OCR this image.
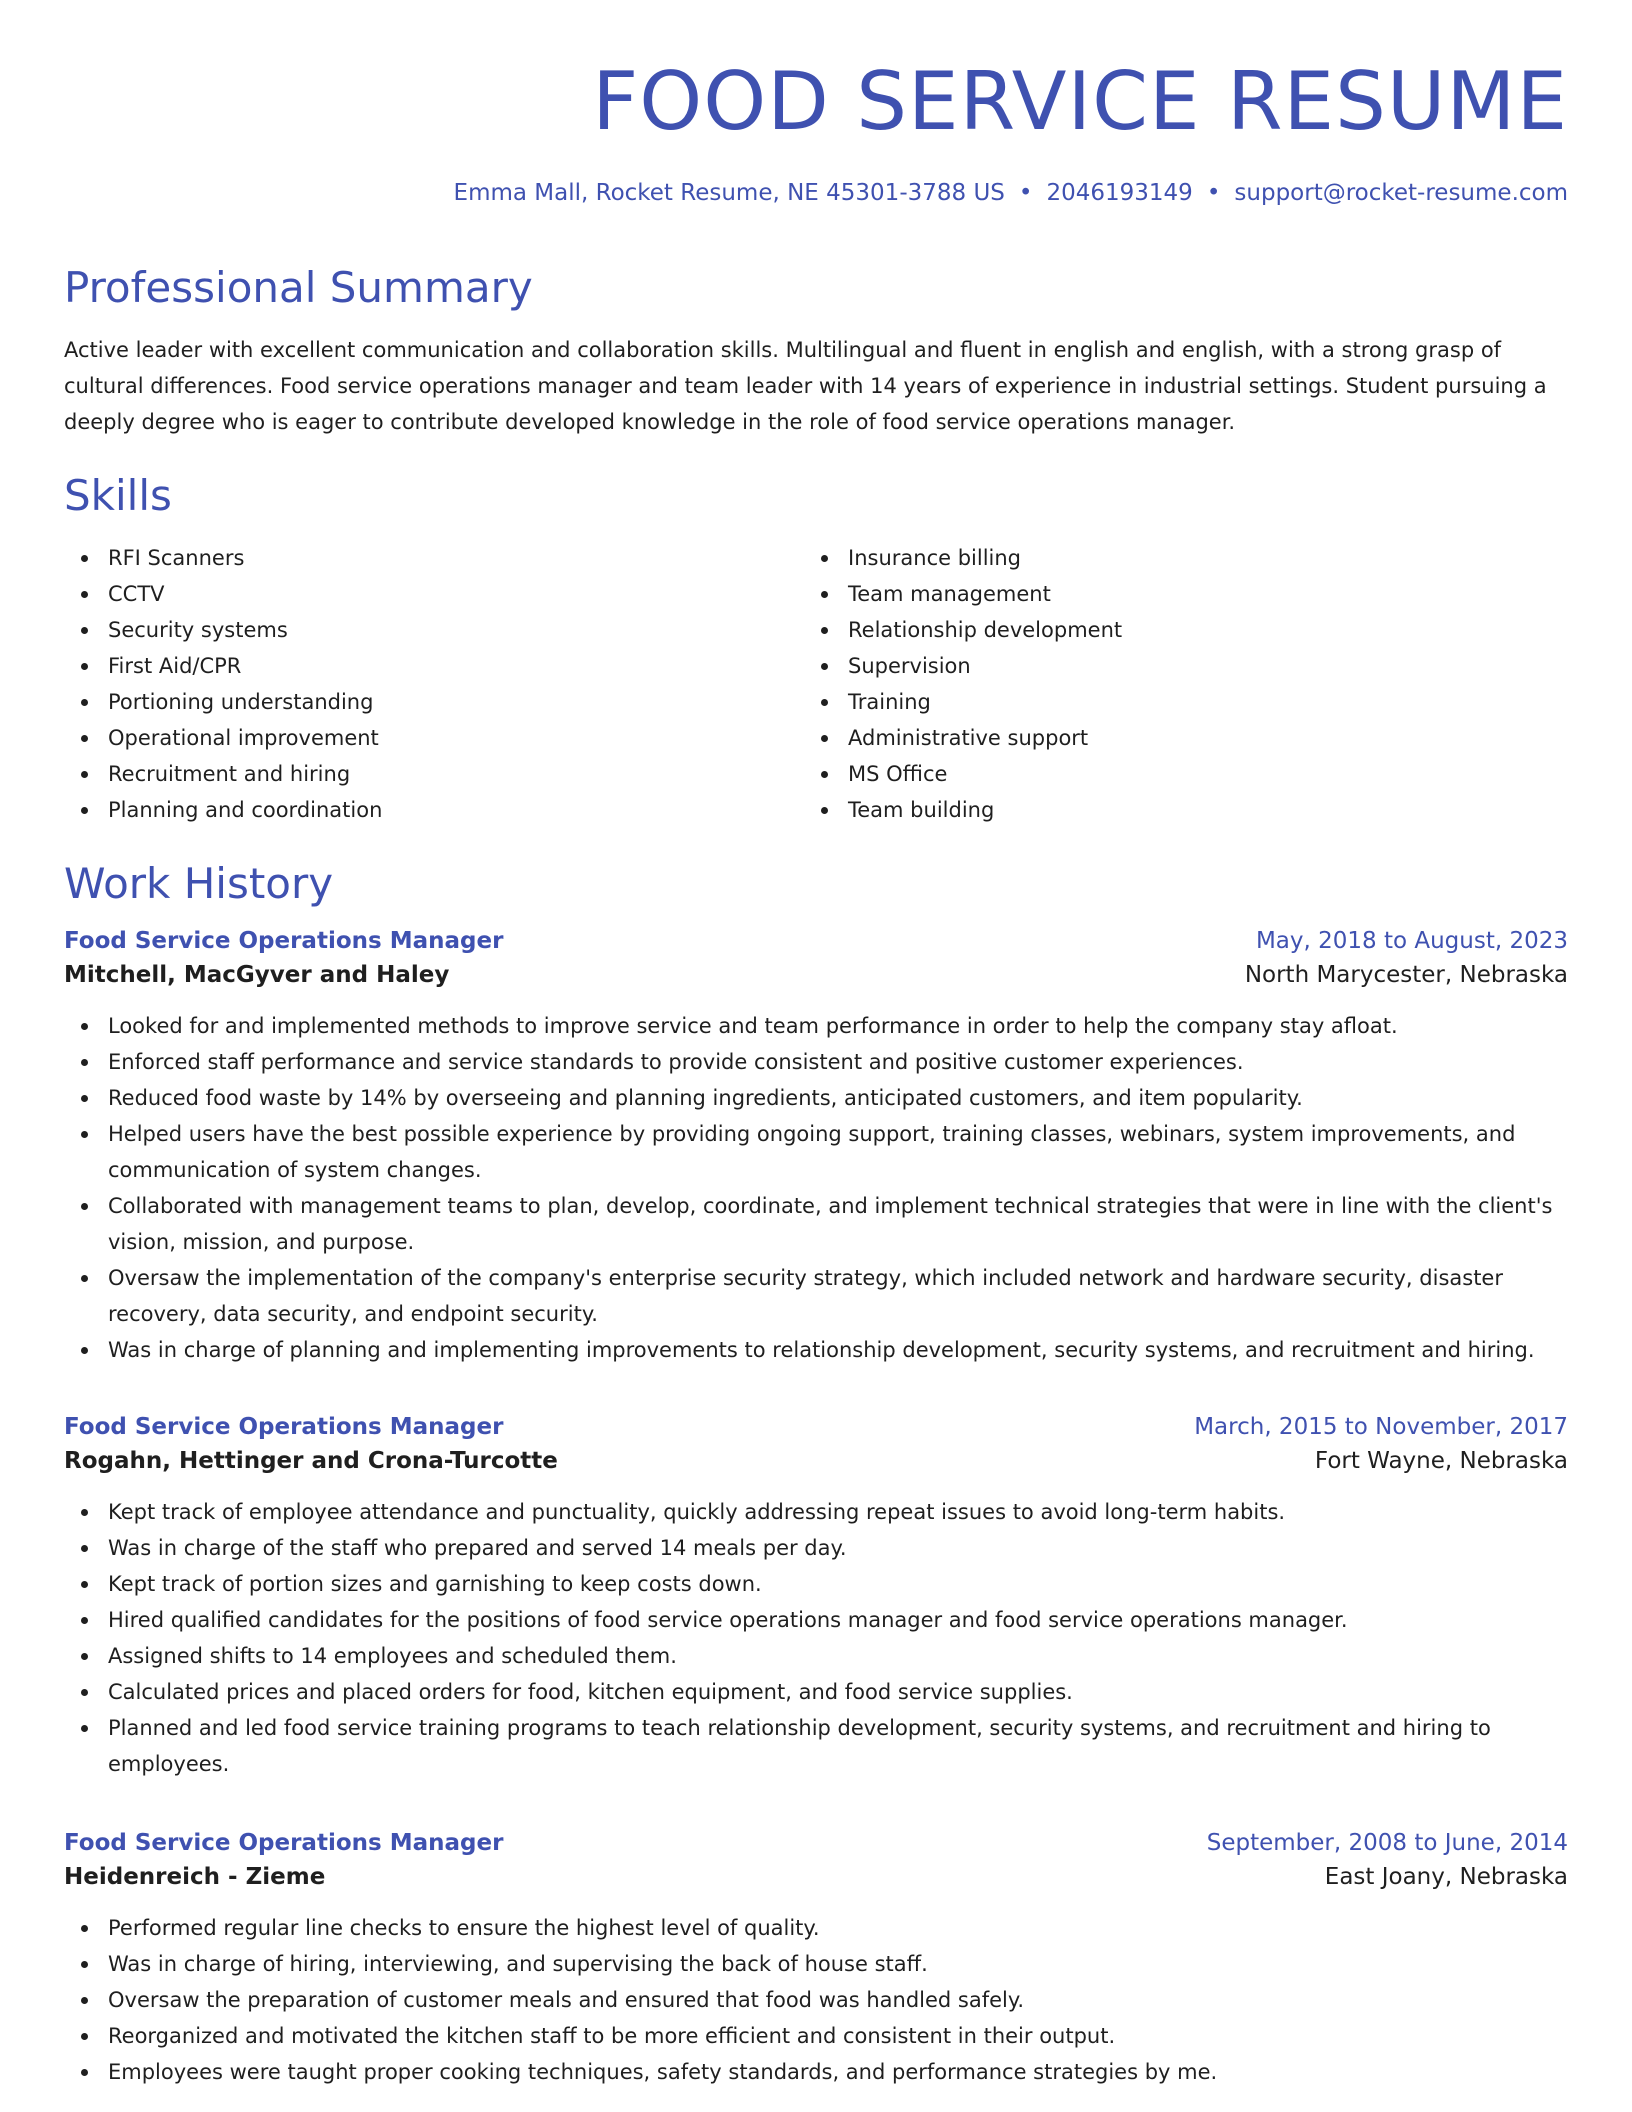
FOOD SERVICE RESUME
Emma Mall, Rocket Resume, NE 45301-3788 US • 2046193149 • support@rocket-resume.com
Professional Summary

Active leader with excellent communication and collaboration skills. Multilingual and fluent in english and english, with a strong grasp of cultural differences. Food service operations manager and team leader with 14 years of experience in industrial settings. Student pursuing a deeply degree who is eager to contribute developed knowledge in the role of food service operations manager.

Skills
RFI Scanners
CCTV
Security systems
First Aid/CPR
Portioning understanding
Operational improvement
Recruitment and hiring
Planning and coordination
Insurance billing
Team management
Relationship development
Supervision
Training
Administrative support
MS Office
Team building
Work History
Food Service Operations Manager	May, 2018 to August, 2023
Mitchell, MacGyver and Haley	North Marycester, Nebraska
Looked for and implemented methods to improve service and team performance in order to help the company stay afloat.
Enforced staff performance and service standards to provide consistent and positive customer experiences.
Reduced food waste by 14% by overseeing and planning ingredients, anticipated customers, and item popularity.
Helped users have the best possible experience by providing ongoing support, training classes, webinars, system improvements, and communication of system changes.
Collaborated with management teams to plan, develop, coordinate, and implement technical strategies that were in line with the client's vision, mission, and purpose.
Oversaw the implementation of the company's enterprise security strategy, which included network and hardware security, disaster recovery, data security, and endpoint security.
Was in charge of planning and implementing improvements to relationship development, security systems, and recruitment and hiring.
Food Service Operations Manager	March, 2015 to November, 2017
Rogahn, Hettinger and Crona-Turcotte	Fort Wayne, Nebraska
Kept track of employee attendance and punctuality, quickly addressing repeat issues to avoid long-term habits.
Was in charge of the staff who prepared and served 14 meals per day.
Kept track of portion sizes and garnishing to keep costs down.
Hired qualified candidates for the positions of food service operations manager and food service operations manager.
Assigned shifts to 14 employees and scheduled them.
Calculated prices and placed orders for food, kitchen equipment, and food service supplies.
Planned and led food service training programs to teach relationship development, security systems, and recruitment and hiring to employees.
Food Service Operations Manager	September, 2008 to June, 2014
Heidenreich - Zieme	East Joany, Nebraska
Performed regular line checks to ensure the highest level of quality.
Was in charge of hiring, interviewing, and supervising the back of house staff.
Oversaw the preparation of customer meals and ensured that food was handled safely.
Reorganized and motivated the kitchen staff to be more efficient and consistent in their output.
Employees were taught proper cooking techniques, safety standards, and performance strategies by me.
